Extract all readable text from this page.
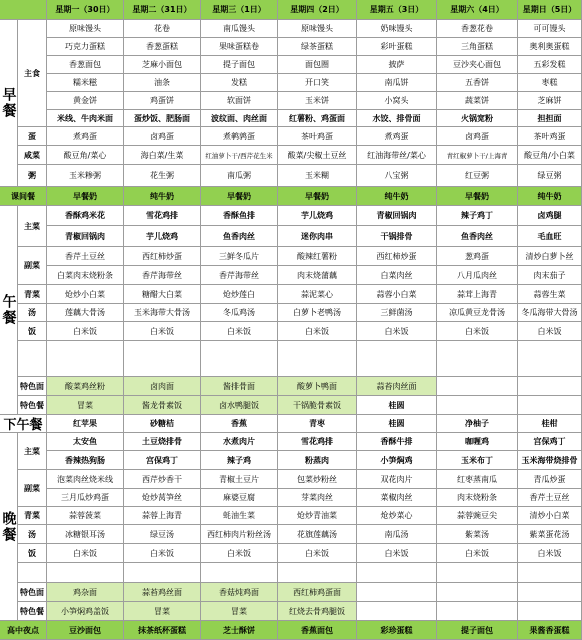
星期一（30日）	星期二（31日）	星期三（1日）	星期四（2日）	星期五（3日）	星期六（4日）	星期日（5日）
早餐
主食
原味馒头	花卷	南瓜馒头	原味馒头	奶味馒头	香葱花卷	可可馒头
巧克力蛋糕	香葱蛋糕	果味蛋糕卷	绿茶蛋糕	彩叶蛋糕	三角蛋糕	奥利奥蛋糕
香葱面包	芝麻小面包	提子面包	面包圈	披萨	豆沙夹心面包	五彩发糕
糯米糍	油条	发糕	开口笑	南瓜饼	五香饼	枣糕
黄金饼	鸡蛋饼	软面饼	玉米饼	小窝头	蔬菜饼	芝麻饼
米线、牛肉米面	蛋炒饭、肥肠面	波纹面、肉丝面	红薯粉、鸡蛋面	水饺、排骨面	火锅宽粉	担担面
蛋	煮鸡蛋	卤鸡蛋	煮鹌鹑蛋	茶叶鸡蛋	煮鸡蛋	卤鸡蛋	茶叶鸡蛋
咸菜	酸豆角/菜心	海白菜/生菜	红油萝卜干/西芹花生米	酸菜/尖椒土豆丝	红油海带丝/菜心	青红椒萝卜干/上海青	酸豆角/小白菜
粥	玉米糁粥	花生粥	南瓜粥	玉米糊	八宝粥	红豆粥	绿豆粥
课间餐	早餐奶	纯牛奶	早餐奶	早餐奶	纯牛奶	早餐奶	纯牛奶
午餐
主菜
香酥鸡米花	雪花鸡排	香酥鱼排	芋儿烧鸡	青椒回锅肉	辣子鸡丁	卤鸡腿
青椒回锅肉	芋儿烧鸡	鱼香肉丝	迷你肉串	干锅排骨	鱼香肉丝	毛血旺
副菜
香芹土豆丝	西红柿炒蛋	三鲜冬瓜片	酸辣红薯粉	西红柿炒蛋	葱鸡蛋	清炒白萝卜丝
白菜肉末烧粉条	香芹海带丝	香芹海带丝	肉末烧蒲藕	白菜肉丝	八月瓜肉丝	肉末茄子
青菜	炝炒小白菜	糖醋大白菜	炝炒莲白	蒜泥菜心	蒜蓉小白菜	蒜茸上海青	蒜蓉生菜
汤	莲藕大骨汤	玉米海带大骨汤	冬瓜鸡汤	白萝卜老鸭汤	三鲜菌汤	凉瓜黄豆龙骨汤	冬瓜海带大骨汤
饭	白米饭	白米饭	白米饭	白米饭	白米饭	白米饭	白米饭
特色面	酸菜鸡丝粉	卤肉面	酱排骨面	酸萝卜鸭面	蒜苔肉丝面
特色餐	冒菜	酱龙骨素饭	卤水鸭腿饭	干锅脆骨素饭	桂圆
下午餐	红苹果	砂糖桔	香蕉	青枣	桂圆	净柚子	桂柑
晚餐
主菜
太安鱼	土豆烧排骨	水煮肉片	雪花鸡排	香酥牛排	咖喱鸡	宫保鸡丁
香辣热狗肠	宫保鸡丁	辣子鸡	粉蒸肉	小笋焖鸡	玉米布丁	玉米海带烧排骨
副菜
泡菜肉丝烧米线	西芹炒香干	青椒土豆片	包菜炒粉丝	双花肉片	红枣蒸南瓜	青瓜炒蛋
三月瓜炒鸡蛋	炝炒莴笋丝	麻婆豆腐	芽菜肉丝	菜椒肉丝	肉末烧粉条	香芹土豆丝
青菜	蒜蓉菠菜	蒜蓉上海青	蚝油生菜	炝炒青油菜	炝炒菜心	蒜蓉豌豆尖	清炒小白菜
汤	冰糖银耳汤	绿豆汤	西红柿肉片粉丝汤	花旗莲藕汤	南瓜汤	紫菜汤	紫菜蛋花汤
饭	白米饭	白米饭	白米饭	白米饭	白米饭	白米饭	白米饭
特色面	鸡杂面	蒜苔鸡丝面	香菇炖鸡面	西红柿鸡蛋面
特色餐	小笋焖鸡盖饭	冒菜	冒菜	红烧去骨鸡腿饭
高中夜点	豆沙面包	抹茶纸杯蛋糕	芝士酥饼	香蕉面包	彩珍蛋糕	提子面包	果酱香蛋糕
